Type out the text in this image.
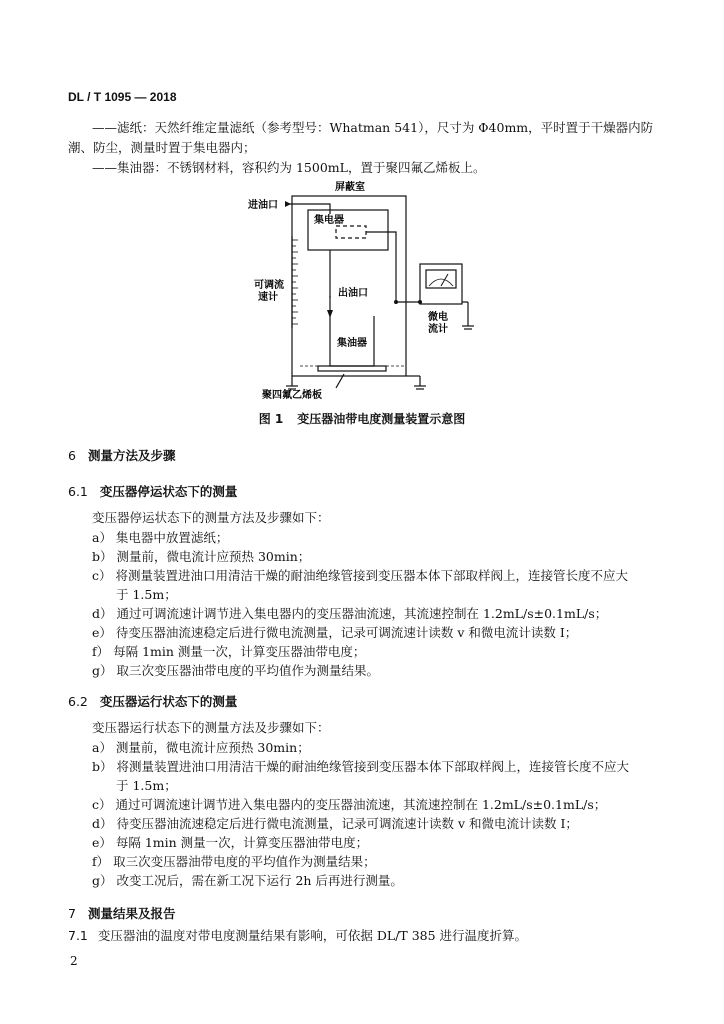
DL / T 1095 — 2018
——滤纸：天然纤维定量滤纸（参考型号：Whatman 541），尺寸为 Φ40mm，平时置于干燥器内防
潮、防尘，测量时置于集电器内；
——集油器：不锈钢材料，容积约为 1500mL，置于聚四氟乙烯板上。
屏蔽室
进油口
集电器
可调流
速计	出油口
集油器
微电
流计
聚四氟乙烯板
图 1 变压器油带电度测量装置示意图
6 测量方法及步骤
6.1 变压器停运状态下的测量
变压器停运状态下的测量方法及步骤如下：
a） 集电器中放置滤纸；
b） 测量前，微电流计应预热 30min；
c） 将测量装置进油口用清洁干燥的耐油绝缘管接到变压器本体下部取样阀上，连接管长度不应大
于 1.5m；
d） 通过可调流速计调节进入集电器内的变压器油流速，其流速控制在 1.2mL/s±0.1mL/s；
e） 待变压器油流速稳定后进行微电流测量，记录可调流速计读数 v 和微电流计读数 I；
f） 每隔 1min 测量一次，计算变压器油带电度；
g） 取三次变压器油带电度的平均值作为测量结果。
6.2 变压器运行状态下的测量
变压器运行状态下的测量方法及步骤如下：
a） 测量前，微电流计应预热 30min；
b） 将测量装置进油口用清洁干燥的耐油绝缘管接到变压器本体下部取样阀上，连接管长度不应大
于 1.5m；
c） 通过可调流速计调节进入集电器内的变压器油流速，其流速控制在 1.2mL/s±0.1mL/s；
d） 待变压器油流速稳定后进行微电流测量，记录可调流速计读数 v 和微电流计读数 I；
e） 每隔 1min 测量一次，计算变压器油带电度；
f） 取三次变压器油带电度的平均值作为测量结果；
g） 改变工况后，需在新工况下运行 2h 后再进行测量。
7 测量结果及报告
7.1 变压器油的温度对带电度测量结果有影响，可依据 DL/T 385 进行温度折算。
2
